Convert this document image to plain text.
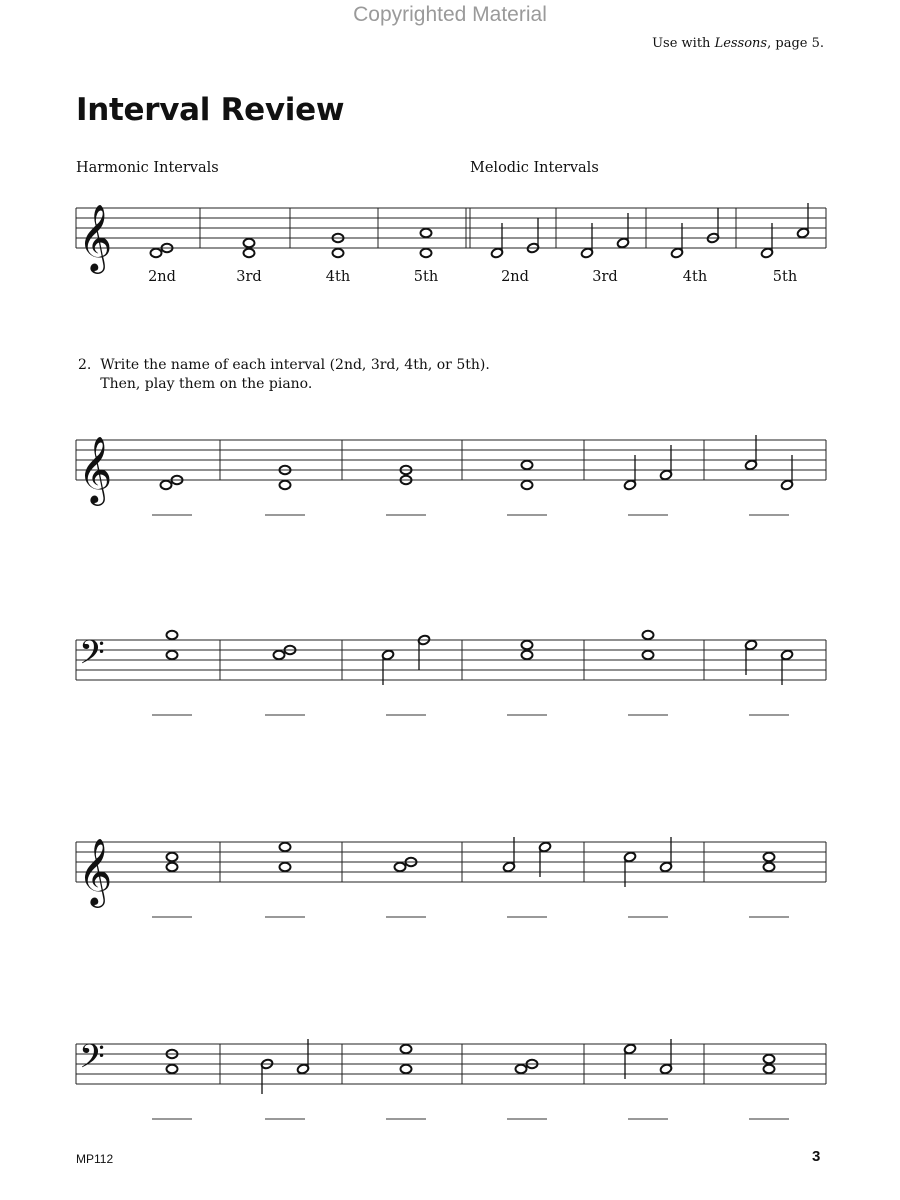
Copyrighted Material
Use with Lessons, page 5.
Interval Review
Harmonic Intervals	Melodic Intervals
2.  Write the name of each interval (2nd, 3rd, 4th, or 5th).
Then, play them on the piano.
𝄞
2nd	3rd	4th	5th	2nd	3rd	4th	5th
𝄞
𝄢
𝄞
𝄢
MP112	3
